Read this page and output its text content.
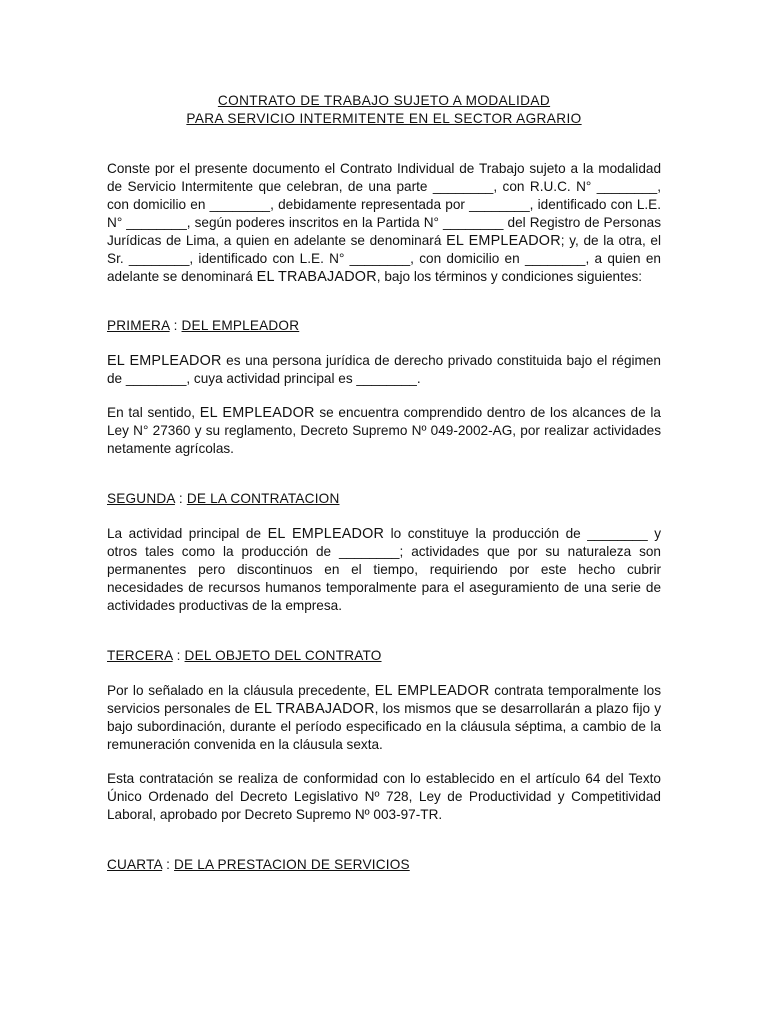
CONTRATO DE TRABAJO SUJETO A MODALIDAD
PARA SERVICIO INTERMITENTE EN EL SECTOR AGRARIO

Conste por el presente documento el Contrato Individual de Trabajo sujeto a la modalidad de Servicio Intermitente que celebran, de una parte ________, con R.U.C. N° ________, con domicilio en ________, debidamente representada por ________, identificado con L.E. N° ________, según poderes inscritos en la Partida N° ________ del Registro de Personas Jurídicas de Lima, a quien en adelante se denominará EL EMPLEADOR; y, de la otra, el Sr. ________, identificado con L.E. N° ________, con domicilio en ________, a quien en adelante se denominará EL TRABAJADOR, bajo los términos y condiciones siguientes:

PRIMERA : DEL EMPLEADOR

EL EMPLEADOR es una persona jurídica de derecho privado constituida bajo el régimen de ________, cuya actividad principal es ________.

En tal sentido, EL EMPLEADOR se encuentra comprendido dentro de los alcances de la Ley N° 27360 y su reglamento, Decreto Supremo Nº 049-2002-AG, por realizar actividades netamente agrícolas.

SEGUNDA : DE LA CONTRATACION

La actividad principal de EL EMPLEADOR lo constituye la producción de ________ y otros tales como la producción de ________; actividades que por su naturaleza son permanentes pero discontinuos en el tiempo, requiriendo por este hecho cubrir necesidades de recursos humanos temporalmente para el aseguramiento de una serie de actividades productivas de la empresa.

TERCERA : DEL OBJETO DEL CONTRATO

Por lo señalado en la cláusula precedente, EL EMPLEADOR contrata temporalmente los servicios personales de EL TRABAJADOR, los mismos que se desarrollarán a plazo fijo y bajo subordinación, durante el período especificado en la cláusula séptima, a cambio de la remuneración convenida en la cláusula sexta.

Esta contratación se realiza de conformidad con lo establecido en el artículo 64 del Texto Único Ordenado del Decreto Legislativo Nº 728, Ley de Productividad y Competitividad Laboral, aprobado por Decreto Supremo Nº 003-97-TR.

CUARTA : DE LA PRESTACION DE SERVICIOS
